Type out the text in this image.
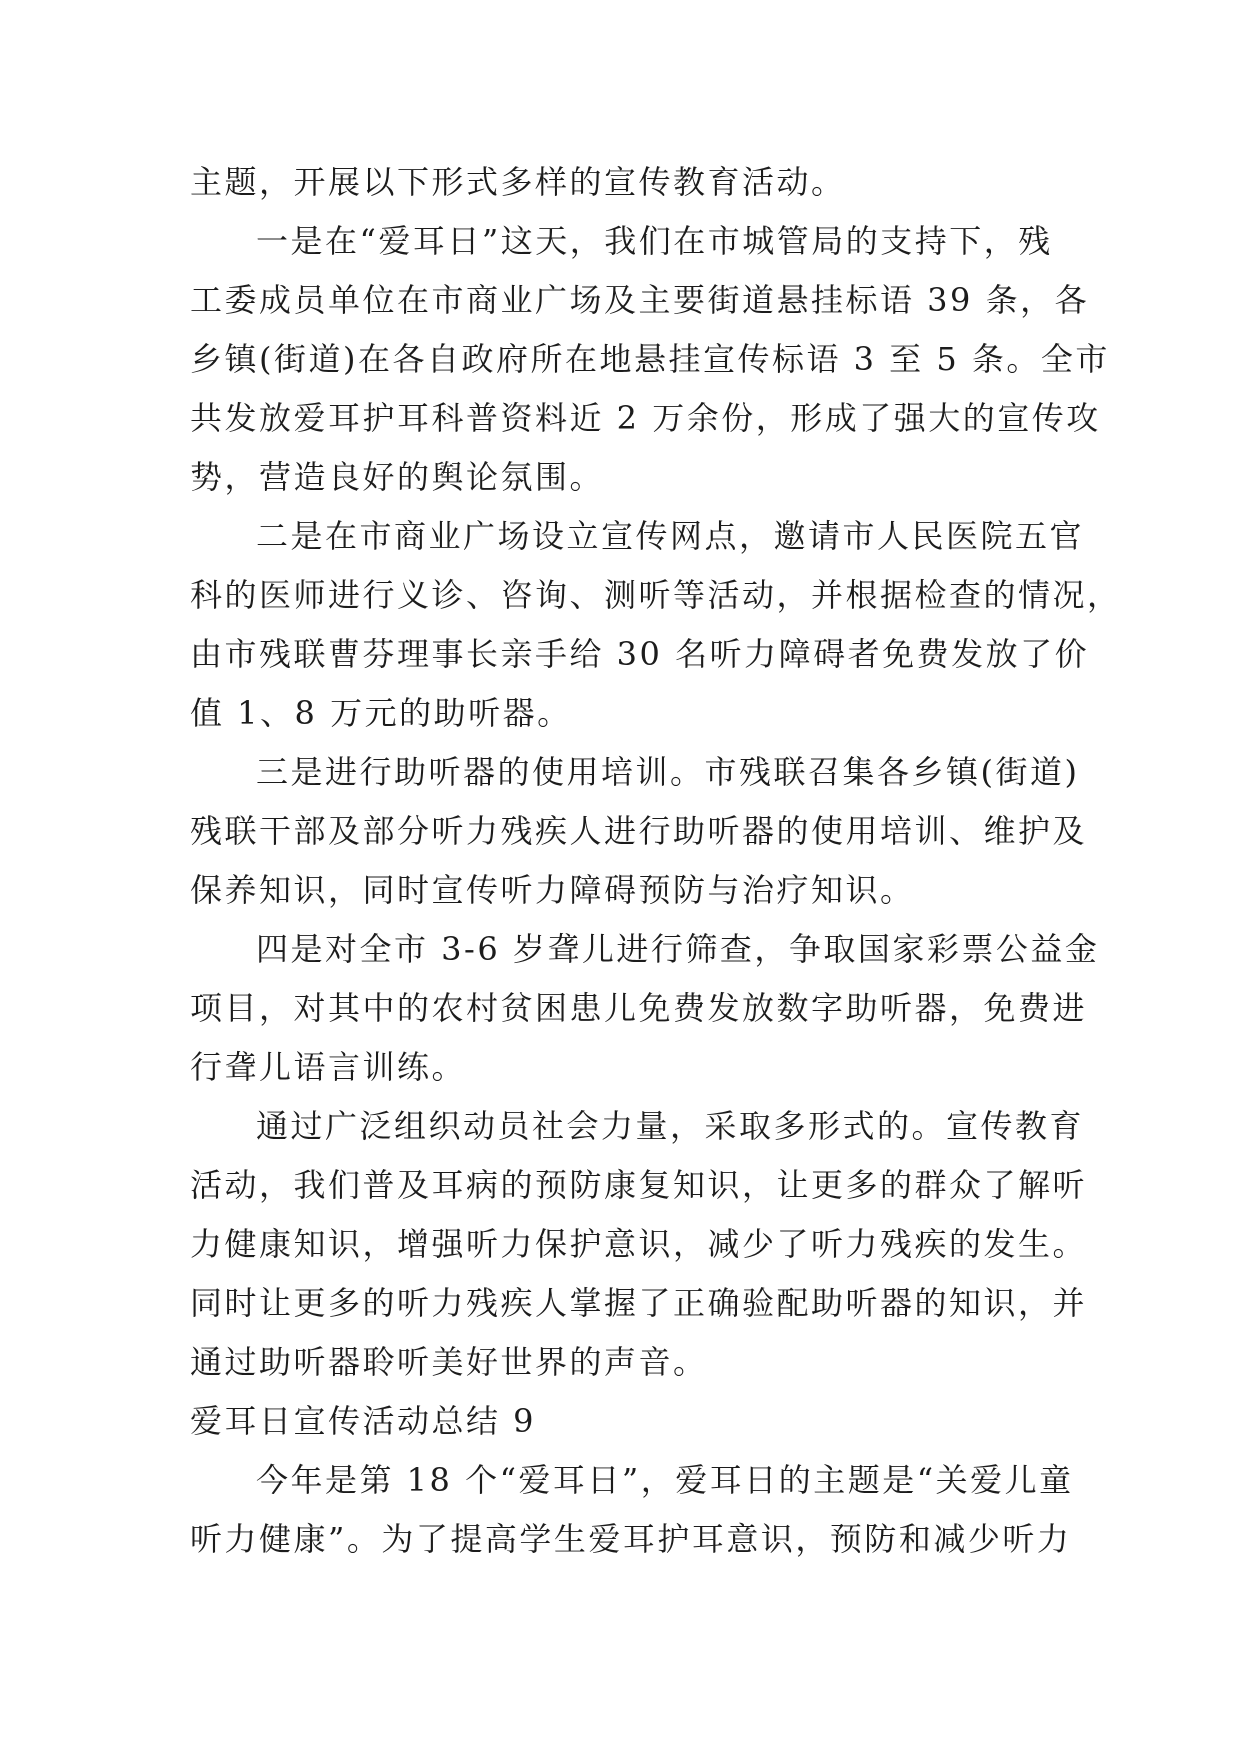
主题，开展以下形式多样的宣传教育活动。
一是在“爱耳日”这天，我们在市城管局的支持下，残
工委成员单位在市商业广场及主要街道悬挂标语 39 条，各
乡镇(街道)在各自政府所在地悬挂宣传标语 3 至 5 条。全市
共发放爱耳护耳科普资料近 2 万余份，形成了强大的宣传攻
势，营造良好的舆论氛围。
二是在市商业广场设立宣传网点，邀请市人民医院五官
科的医师进行义诊、咨询、测听等活动，并根据检查的情况，
由市残联曹芬理事长亲手给 30 名听力障碍者免费发放了价
值 1、8 万元的助听器。
三是进行助听器的使用培训。市残联召集各乡镇(街道)
残联干部及部分听力残疾人进行助听器的使用培训、维护及
保养知识，同时宣传听力障碍预防与治疗知识。
四是对全市 3-6 岁聋儿进行筛查，争取国家彩票公益金
项目，对其中的农村贫困患儿免费发放数字助听器，免费进
行聋儿语言训练。
通过广泛组织动员社会力量，采取多形式的。宣传教育
活动，我们普及耳病的预防康复知识，让更多的群众了解听
力健康知识，增强听力保护意识，减少了听力残疾的发生。
同时让更多的听力残疾人掌握了正确验配助听器的知识，并
通过助听器聆听美好世界的声音。
爱耳日宣传活动总结 9
今年是第 18 个“爱耳日”，爱耳日的主题是“关爱儿童
听力健康”。为了提高学生爱耳护耳意识，预防和减少听力
